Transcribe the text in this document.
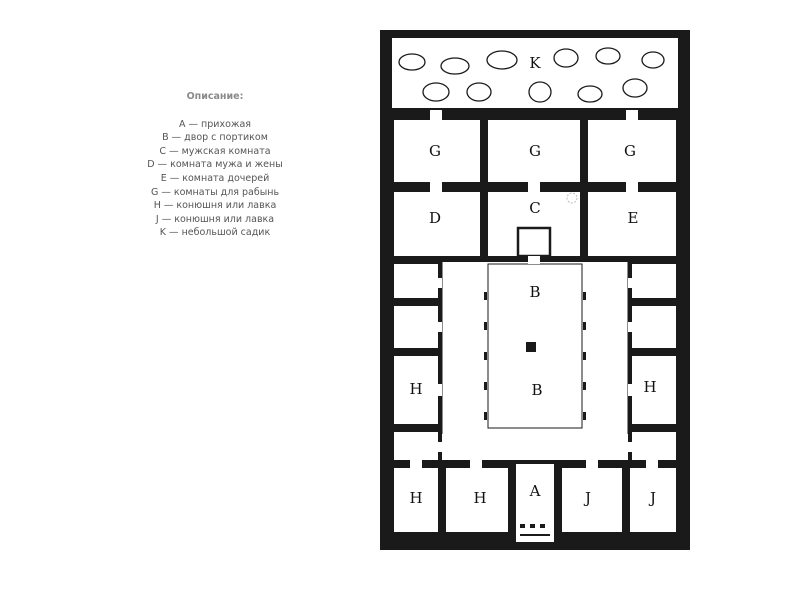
Описание:
A — прихожая
B — двор с портиком
C — мужская комната
D — комната мужа и жены
E — комната дочерей
G — комнаты для рабынь
H — конюшня или лавка
J — конюшня или лавка
K — небольшой садик
K
G	G	G
D
C
E
B
B
H	H
H	H	A	J	J
